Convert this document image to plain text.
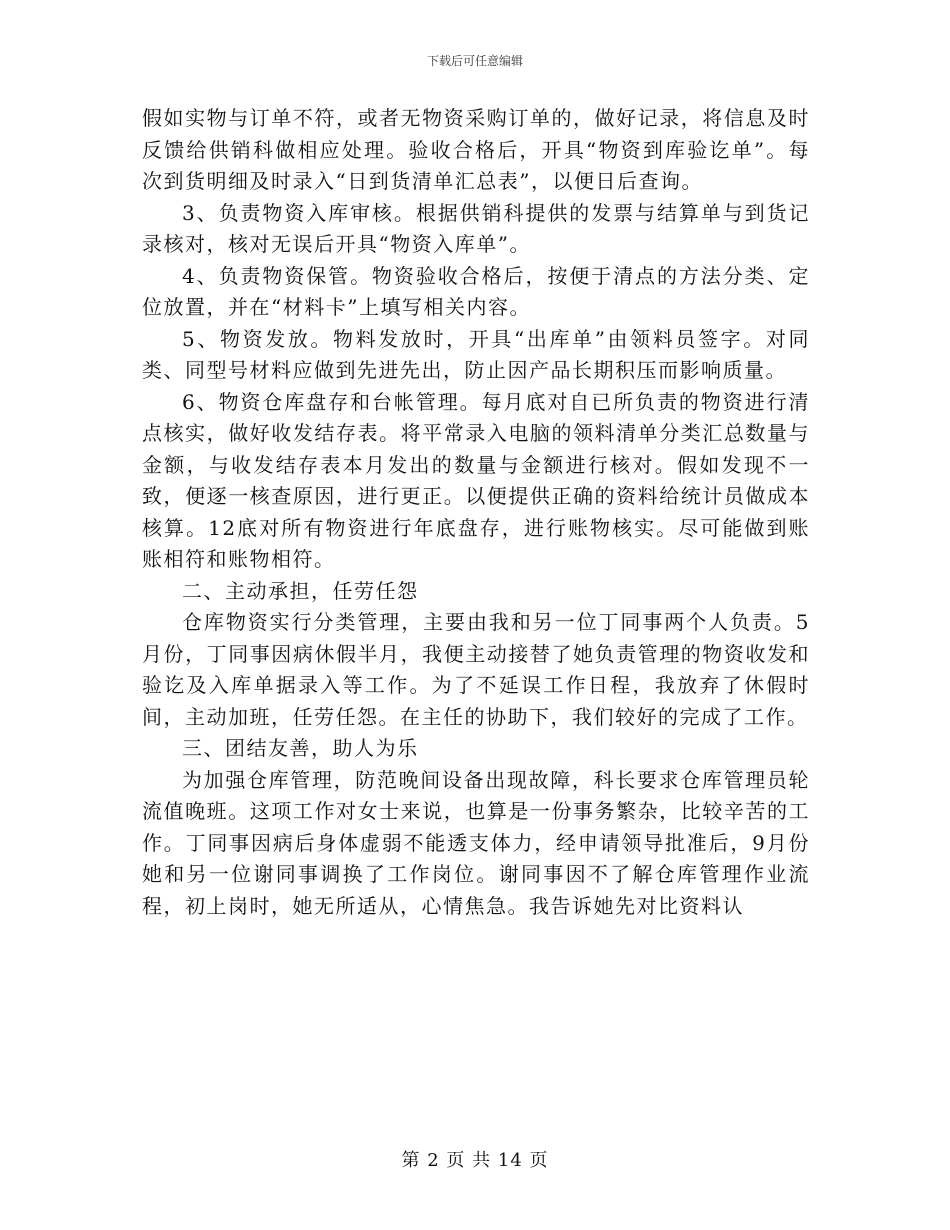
下载后可任意编辑

假如实物与订单不符，或者无物资采购订单的，做好记录，将信息及时反馈给供销科做相应处理。验收合格后，开具“物资到库验讫单”。每次到货明细及时录入“日到货清单汇总表”，以便日后查询。

3、负责物资入库审核。根据供销科提供的发票与结算单与到货记录核对，核对无误后开具“物资入库单”。

4、负责物资保管。物资验收合格后，按便于清点的方法分类、定位放置，并在“材料卡”上填写相关内容。

5、物资发放。物料发放时，开具“出库单”由领料员签字。对同类、同型号材料应做到先进先出，防止因产品长期积压而影响质量。

6、物资仓库盘存和台帐管理。每月底对自已所负责的物资进行清点核实，做好收发结存表。将平常录入电脑的领料清单分类汇总数量与金额，与收发结存表本月发出的数量与金额进行核对。假如发现不一致，便逐一核查原因，进行更正。以便提供正确的资料给统计员做成本核算。12底对所有物资进行年底盘存，进行账物核实。尽可能做到账账相符和账物相符。

二、主动承担，任劳任怨

仓库物资实行分类管理，主要由我和另一位丁同事两个人负责。5月份，丁同事因病休假半月，我便主动接替了她负责管理的物资收发和验讫及入库单据录入等工作。为了不延误工作日程，我放弃了休假时间，主动加班，任劳任怨。在主任的协助下，我们较好的完成了工作。

三、团结友善，助人为乐

为加强仓库管理，防范晚间设备出现故障，科长要求仓库管理员轮流值晚班。这项工作对女士来说，也算是一份事务繁杂，比较辛苦的工作。丁同事因病后身体虚弱不能透支体力，经申请领导批准后，9月份她和另一位谢同事调换了工作岗位。谢同事因不了解仓库管理作业流程，初上岗时，她无所适从，心情焦急。我告诉她先对比资料认

第 2 页 共 14 页
